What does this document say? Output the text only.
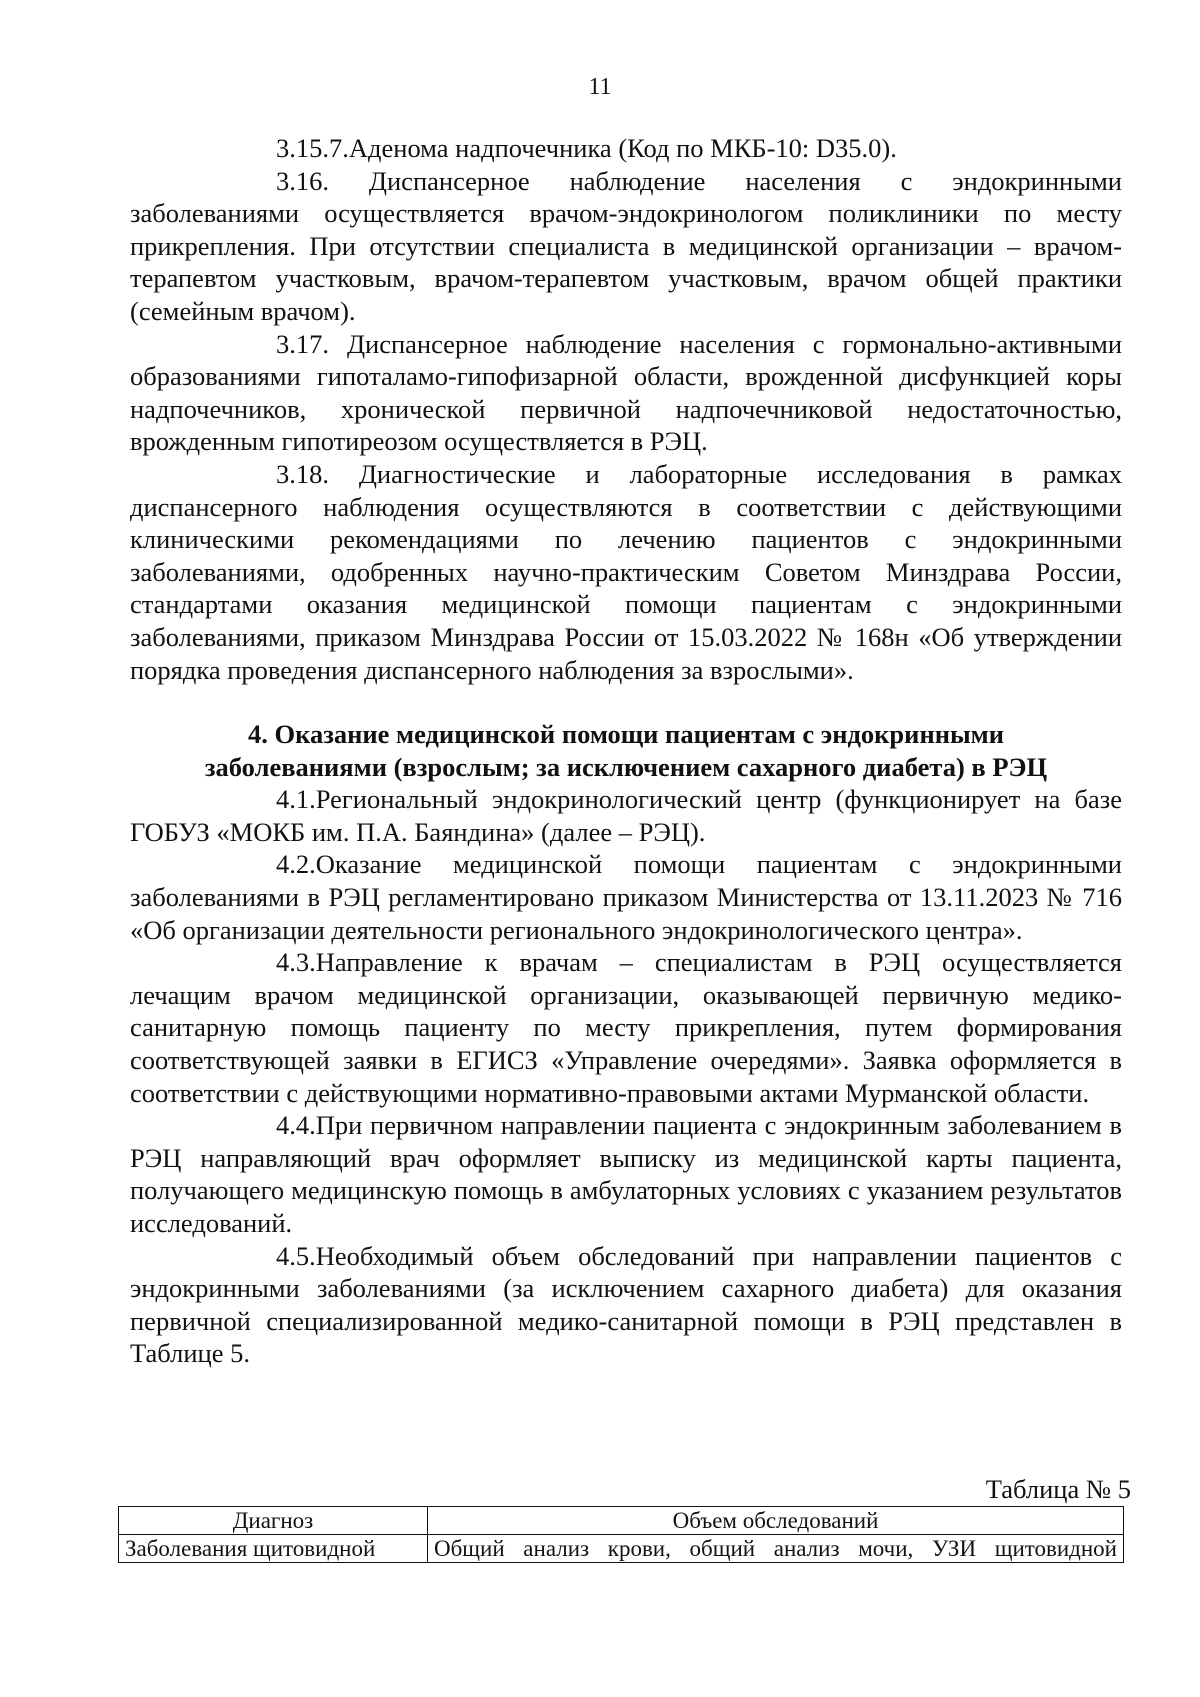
11

3.15.7.Аденома надпочечника (Код по МКБ-10: D35.0).

3.16. Диспансерное наблюдение населения с эндокринными заболеваниями осуществляется врачом-эндокринологом поликлиники по месту прикрепления. При отсутствии специалиста в медицинской организации – врачом-терапевтом участковым, врачом-терапевтом участковым, врачом общей практики (семейным врачом).

3.17. Диспансерное наблюдение населения с гормонально-активными образованиями гипоталамо-гипофизарной области, врожденной дисфункцией коры надпочечников, хронической первичной надпочечниковой недостаточностью, врожденным гипотиреозом осуществляется в РЭЦ.

3.18. Диагностические и лабораторные исследования в рамках диспансерного наблюдения осуществляются в соответствии с действующими клиническими рекомендациями по лечению пациентов с эндокринными заболеваниями, одобренных научно-практическим Советом Минздрава России, стандартами оказания медицинской помощи пациентам с эндокринными заболеваниями, приказом Минздрава России от 15.03.2022 № 168н «Об утверждении порядка проведения диспансерного наблюдения за взрослыми».

4. Оказание медицинской помощи пациентам с эндокринными
заболеваниями (взрослым; за исключением сахарного диабета) в РЭЦ

4.1.Региональный эндокринологический центр (функционирует на базе ГОБУЗ «МОКБ им. П.А. Баяндина» (далее – РЭЦ).

4.2.Оказание медицинской помощи пациентам с эндокринными заболеваниями в РЭЦ регламентировано приказом Министерства от 13.11.2023 № 716 «Об организации деятельности регионального эндокринологического центра».

4.3.Направление к врачам – специалистам в РЭЦ осуществляется лечащим врачом медицинской организации, оказывающей первичную медико-санитарную помощь пациенту по месту прикрепления, путем формирования соответствующей заявки в ЕГИСЗ «Управление очередями». Заявка оформляется в соответствии с действующими нормативно-правовыми актами Мурманской области.

4.4.При первичном направлении пациента с эндокринным заболеванием в РЭЦ направляющий врач оформляет выписку из медицинской карты пациента, получающего медицинскую помощь в амбулаторных условиях с указанием результатов исследований.

4.5.Необходимый объем обследований при направлении пациентов с эндокринными заболеваниями (за исключением сахарного диабета) для оказания первичной специализированной медико-санитарной помощи в РЭЦ представлен в Таблице 5.

Таблица № 5
Диагноз	Объем обследований
Заболевания щитовидной	Общий анализ крови, общий анализ мочи, УЗИ щитовидной
